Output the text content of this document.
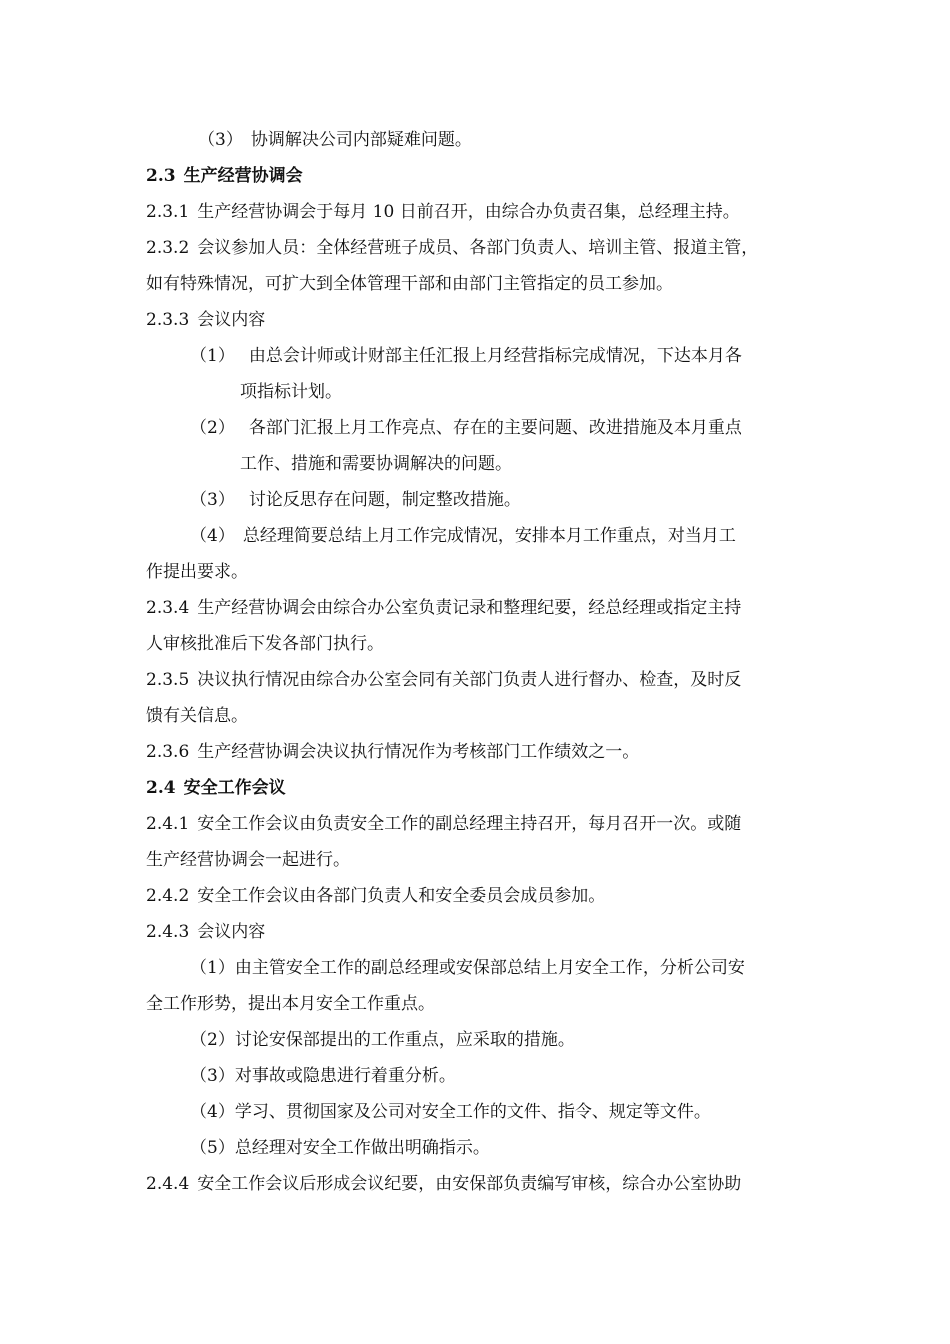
（3） 协调解决公司内部疑难问题。
2.3 生产经营协调会
2.3.1 生产经营协调会于每月 10 日前召开，由综合办负责召集，总经理主持。
2.3.2 会议参加人员：全体经营班子成员、各部门负责人、培训主管、报道主管，
如有特殊情况，可扩大到全体管理干部和由部门主管指定的员工参加。
2.3.3 会议内容
（1） 由总会计师或计财部主任汇报上月经营指标完成情况，下达本月各
项指标计划。
（2） 各部门汇报上月工作亮点、存在的主要问题、改进措施及本月重点
工作、措施和需要协调解决的问题。
（3） 讨论反思存在问题，制定整改措施。
（4） 总经理简要总结上月工作完成情况，安排本月工作重点，对当月工
作提出要求。
2.3.4 生产经营协调会由综合办公室负责记录和整理纪要，经总经理或指定主持
人审核批准后下发各部门执行。
2.3.5 决议执行情况由综合办公室会同有关部门负责人进行督办、检查，及时反
馈有关信息。
2.3.6 生产经营协调会决议执行情况作为考核部门工作绩效之一。
2.4 安全工作会议
2.4.1 安全工作会议由负责安全工作的副总经理主持召开，每月召开一次。或随
生产经营协调会一起进行。
2.4.2 安全工作会议由各部门负责人和安全委员会成员参加。
2.4.3 会议内容
（1）由主管安全工作的副总经理或安保部总结上月安全工作，分析公司安
全工作形势，提出本月安全工作重点。
（2）讨论安保部提出的工作重点，应采取的措施。
（3）对事故或隐患进行着重分析。
（4）学习、贯彻国家及公司对安全工作的文件、指令、规定等文件。
（5）总经理对安全工作做出明确指示。
2.4.4 安全工作会议后形成会议纪要，由安保部负责编写审核，综合办公室协助
